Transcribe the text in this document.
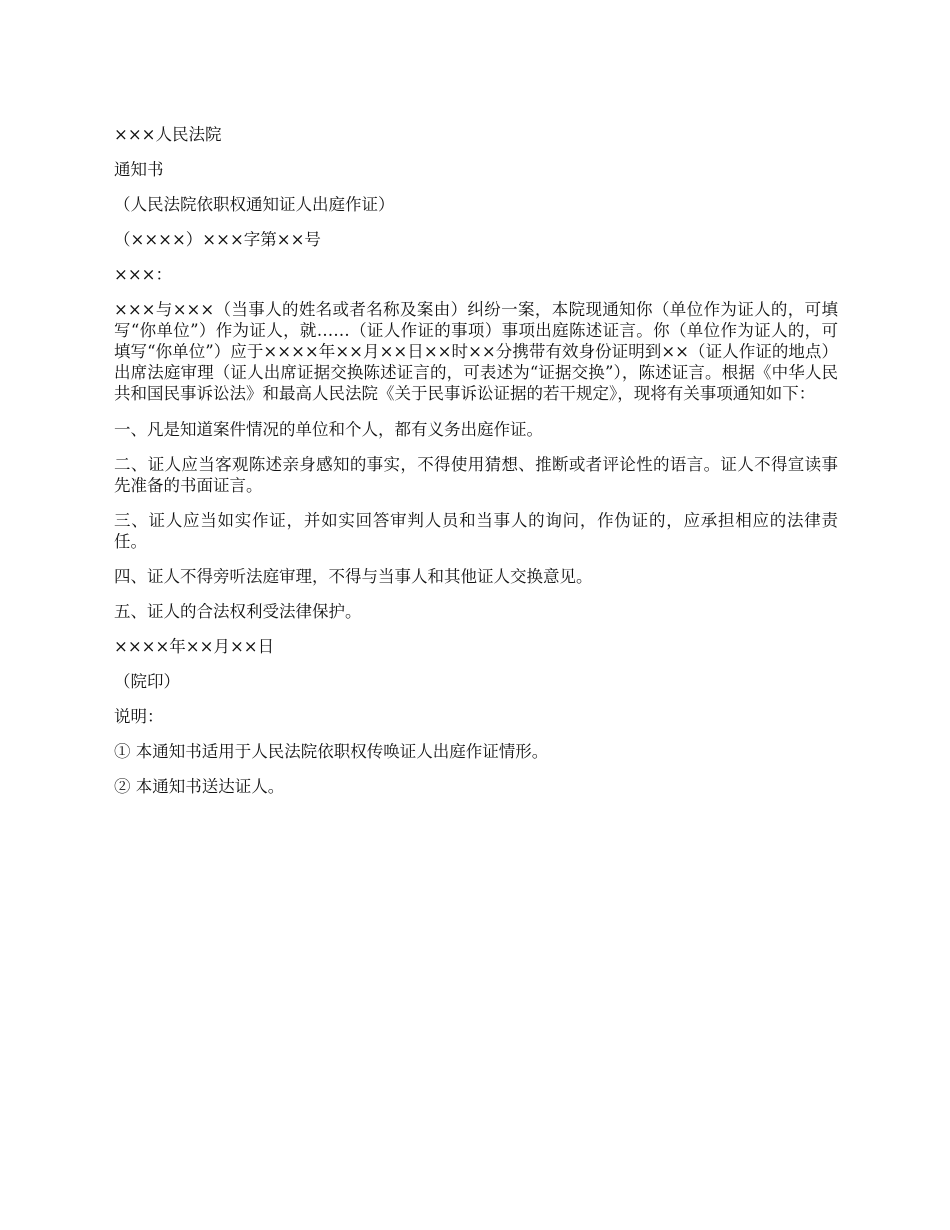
×××人民法院

通知书

（人民法院依职权通知证人出庭作证）

（××××）×××字第××号

×××：

×××与×××（当事人的姓名或者名称及案由）纠纷一案，本院现通知你（单位作为证人的，可填写“你单位”）作为证人，就……（证人作证的事项）事项出庭陈述证言。你（单位作为证人的，可填写“你单位”）应于××××年××月××日××时××分携带有效身份证明到××（证人作证的地点）出席法庭审理（证人出席证据交换陈述证言的，可表述为“证据交换”），陈述证言。根据《中华人民共和国民事诉讼法》和最高人民法院《关于民事诉讼证据的若干规定》，现将有关事项通知如下：

一、凡是知道案件情况的单位和个人，都有义务出庭作证。

二、证人应当客观陈述亲身感知的事实，不得使用猜想、推断或者评论性的语言。证人不得宣读事先准备的书面证言。

三、证人应当如实作证，并如实回答审判人员和当事人的询问，作伪证的，应承担相应的法律责任。

四、证人不得旁听法庭审理，不得与当事人和其他证人交换意见。

五、证人的合法权利受法律保护。

××××年××月××日

（院印）

说明：

① 本通知书适用于人民法院依职权传唤证人出庭作证情形。

② 本通知书送达证人。
